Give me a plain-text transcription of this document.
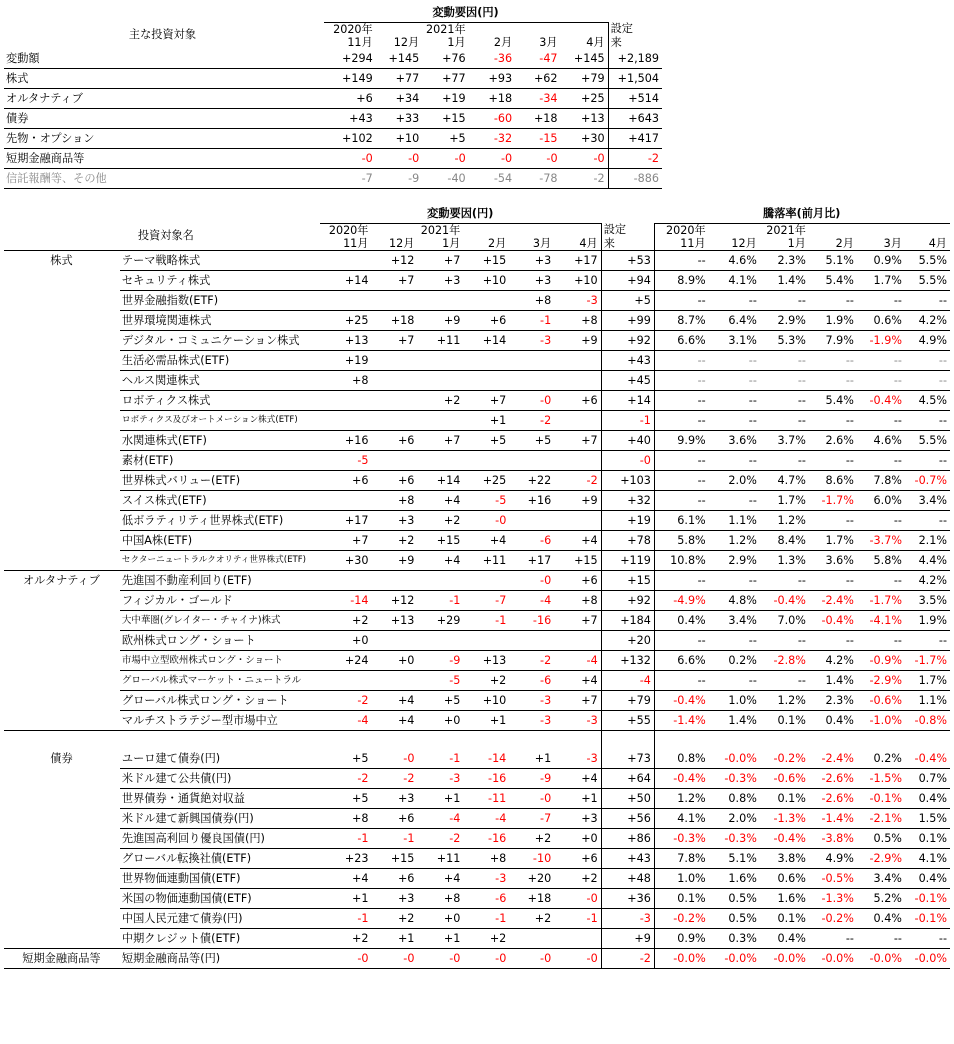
	変動要因(円)						
主な投資対象	2020年		2021年				設定
	11月	12月	1月	2月	3月	4月	来
変動額	+294	+145	+76	-36	-47	+145	+2,189
株式	+149	+77	+77	+93	+62	+79	+1,504
オルタナティブ	+6	+34	+19	+18	-34	+25	+514
債券	+43	+33	+15	-60	+18	+13	+643
先物・オプション	+102	+10	+5	-32	-15	+30	+417
短期金融商品等	-0	-0	-0	-0	-0	-0	-2
信託報酬等、その他	-7	-9	-40	-54	-78	-2	-886
		変動要因(円)							騰落率(前月比)					
	投資対象名	2020年		2021年				設定	2020年		2021年			
		11月	12月	1月	2月	3月	4月	来	11月	12月	1月	2月	3月	4月
株式	テーマ戦略株式		+12	+7	+15	+3	+17	+53	--	4.6%	2.3%	5.1%	0.9%	5.5%
	セキュリティ株式	+14	+7	+3	+10	+3	+10	+94	8.9%	4.1%	1.4%	5.4%	1.7%	5.5%
	世界金融指数(ETF)					+8	-3	+5	--	--	--	--	--	--
	世界環境関連株式	+25	+18	+9	+6	-1	+8	+99	8.7%	6.4%	2.9%	1.9%	0.6%	4.2%
	デジタル・コミュニケーション株式	+13	+7	+11	+14	-3	+9	+92	6.6%	3.1%	5.3%	7.9%	-1.9%	4.9%
	生活必需品株式(ETF)	+19						+43	--	--	--	--	--	--
	ヘルス関連株式	+8						+45	--	--	--	--	--	--
	ロボティクス株式			+2	+7	-0	+6	+14	--	--	--	5.4%	-0.4%	4.5%
	ロボティクス及びオートメーション株式(ETF)				+1	-2		-1	--	--	--	--	--	--
	水関連株式(ETF)	+16	+6	+7	+5	+5	+7	+40	9.9%	3.6%	3.7%	2.6%	4.6%	5.5%
	素材(ETF)	-5						-0	--	--	--	--	--	--
	世界株式バリュー(ETF)	+6	+6	+14	+25	+22	-2	+103	--	2.0%	4.7%	8.6%	7.8%	-0.7%
	スイス株式(ETF)		+8	+4	-5	+16	+9	+32	--	--	1.7%	-1.7%	6.0%	3.4%
	低ボラティリティ世界株式(ETF)	+17	+3	+2	-0			+19	6.1%	1.1%	1.2%	--	--	--
	中国A株(ETF)	+7	+2	+15	+4	-6	+4	+78	5.8%	1.2%	8.4%	1.7%	-3.7%	2.1%
	セクターニュートラルクオリティ世界株式(ETF)	+30	+9	+4	+11	+17	+15	+119	10.8%	2.9%	1.3%	3.6%	5.8%	4.4%
オルタナティブ	先進国不動産利回り(ETF)					-0	+6	+15	--	--	--	--	--	4.2%
	フィジカル・ゴールド	-14	+12	-1	-7	-4	+8	+92	-4.9%	4.8%	-0.4%	-2.4%	-1.7%	3.5%
	大中華圏(グレイター・チャイナ)株式	+2	+13	+29	-1	-16	+7	+184	0.4%	3.4%	7.0%	-0.4%	-4.1%	1.9%
	欧州株式ロング・ショート	+0						+20	--	--	--	--	--	--
	市場中立型欧州株式ロング・ショート	+24	+0	-9	+13	-2	-4	+132	6.6%	0.2%	-2.8%	4.2%	-0.9%	-1.7%
	グローバル株式マーケット・ニュートラル			-5	+2	-6	+4	-4	--	--	--	1.4%	-2.9%	1.7%
	グローバル株式ロング・ショート	-2	+4	+5	+10	-3	+7	+79	-0.4%	1.0%	1.2%	2.3%	-0.6%	1.1%
	マルチストラテジー型市場中立	-4	+4	+0	+1	-3	-3	+55	-1.4%	1.4%	0.1%	0.4%	-1.0%	-0.8%

債券	ユーロ建て債券(円)	+5	-0	-1	-14	+1	-3	+73	0.8%	-0.0%	-0.2%	-2.4%	0.2%	-0.4%
	米ドル建て公共債(円)	-2	-2	-3	-16	-9	+4	+64	-0.4%	-0.3%	-0.6%	-2.6%	-1.5%	0.7%
	世界債券・通貨絶対収益	+5	+3	+1	-11	-0	+1	+50	1.2%	0.8%	0.1%	-2.6%	-0.1%	0.4%
	米ドル建て新興国債券(円)	+8	+6	-4	-4	-7	+3	+56	4.1%	2.0%	-1.3%	-1.4%	-2.1%	1.5%
	先進国高利回り優良国債(円)	-1	-1	-2	-16	+2	+0	+86	-0.3%	-0.3%	-0.4%	-3.8%	0.5%	0.1%
	グローバル転換社債(ETF)	+23	+15	+11	+8	-10	+6	+43	7.8%	5.1%	3.8%	4.9%	-2.9%	4.1%
	世界物価連動国債(ETF)	+4	+6	+4	-3	+20	+2	+48	1.0%	1.6%	0.6%	-0.5%	3.4%	0.4%
	米国の物価連動国債(ETF)	+1	+3	+8	-6	+18	-0	+36	0.1%	0.5%	1.6%	-1.3%	5.2%	-0.1%
	中国人民元建て債券(円)	-1	+2	+0	-1	+2	-1	-3	-0.2%	0.5%	0.1%	-0.2%	0.4%	-0.1%
	中期クレジット債(ETF)	+2	+1	+1	+2			+9	0.9%	0.3%	0.4%	--	--	--
短期金融商品等	短期金融商品等(円)	-0	-0	-0	-0	-0	-0	-2	-0.0%	-0.0%	-0.0%	-0.0%	-0.0%	-0.0%
